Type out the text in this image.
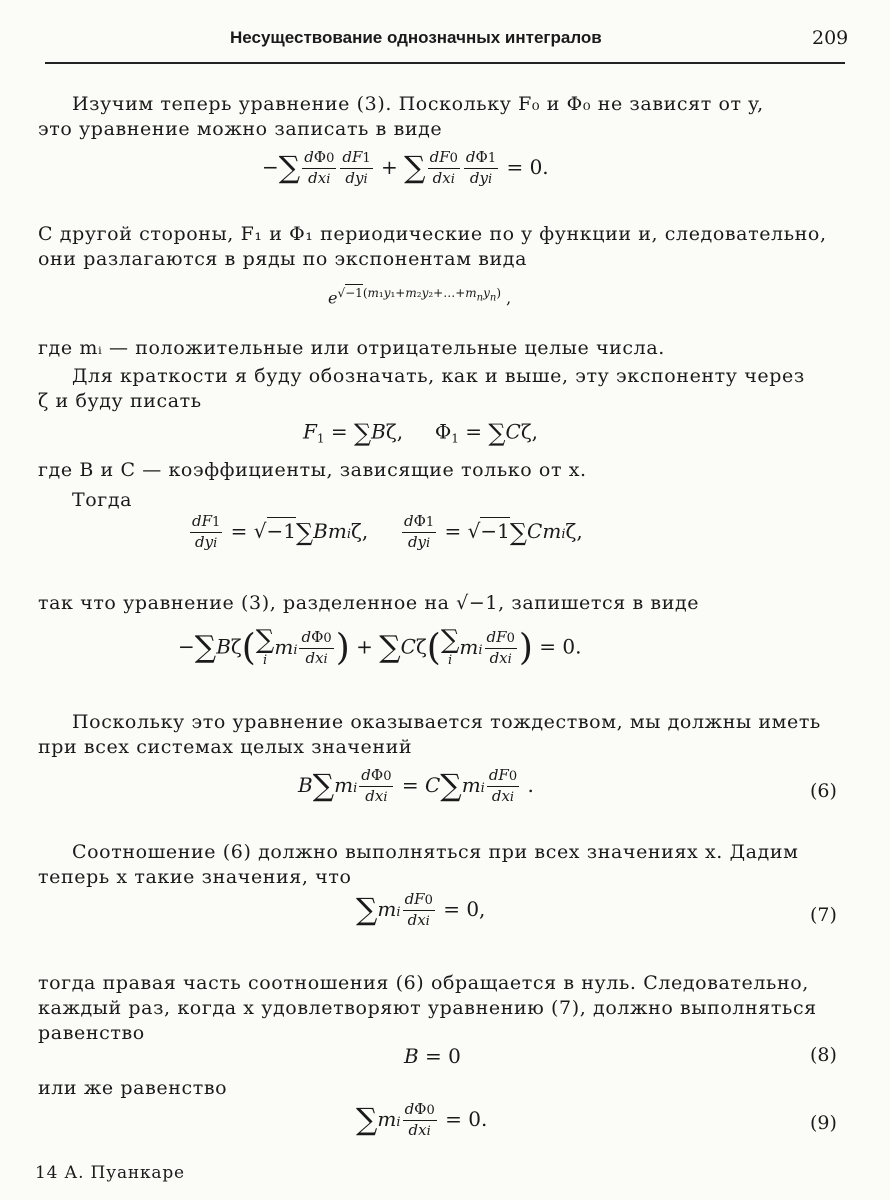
Несуществование однозначных интегралов	209
Изучим теперь уравнение (3). Поскольку F₀ и Φ₀ не зависят от y,
это уравнение можно записать в виде
−∑ $\frac{d\Phi 0}{\text{dxi}} \frac{dF1}{\text{dyi}}$ + ∑ $\frac{dF0}{\text{dxi}} \frac{d\Phi 1}{\text{dyi}} = 0$.
С другой стороны, F₁ и Φ₁ периодические по y функции и, следовательно,
они разлагаются в ряды по экспонентам вида
$e^{√-1(m_1y_1+m_2y_2+\dots+m_ny_n)}$ ,
где mᵢ — положительные или отрицательные целые числа.
Для краткости я буду обозначать, как и выше, эту экспоненту через
ζ и буду писать
$F_1 = \sum B\zeta$,     $\Phi_1 = \sum C\zeta$,
где B и C — коэффициенты, зависящие только от x.
Тогда
$\frac{dF1}{\text{dyi}} = √-1\sum Bmi\zeta$, $\frac{d\Phi 1}{\text{dyi}} = √-1\sum Cmi\zeta$,
так что уравнение (3), разделенное на √−1, запишется в виде
−∑Bζ( ∑
i
mi $\frac{d\Phi 0}{\text{dxi}}$ ) + ∑Cζ( ∑
i
mi $\frac{dF0}{\text{dxi}}$ ) = 0.
Поскольку это уравнение оказывается тождеством, мы должны иметь
при всех системах целых значений
$B\sum mi \frac{d\Phi 0}{\text{dxi}} = C\sum mi \frac{dF0}{\text{dxi}}$ .	(6)
Соотношение (6) должно выполняться при всех значениях x. Дадим
теперь x такие значения, что
$\sum mi \frac{dF0}{\text{dxi}} = 0$,	(7)
тогда правая часть соотношения (6) обращается в нуль. Следовательно,
каждый раз, когда x удовлетворяют уравнению (7), должно выполняться
равенство
B = 0	(8)
или же равенство
$\sum mi \frac{d\Phi 0}{\text{dxi}} = 0$.	(9)
14 А. Пуанкаре
